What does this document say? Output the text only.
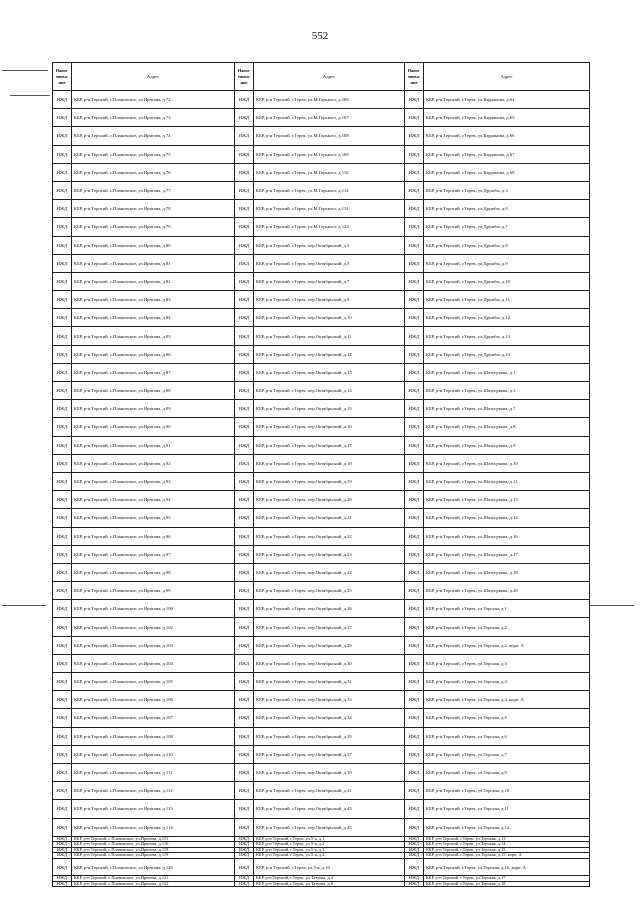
552
Наименование	Адрес	Наименование	Адрес	Наименование	Адрес
ИЖД	КБР, р-н Терский, с.Плановское, ул.Иригова, д.72	ИЖД	КБР, р-н Терский, г.Терек, ул.М.Горького, д.106	ИЖД	КБР, р-н Терский, г.Терек, ул.Карданова, д.64
ИЖД	КБР, р-н Терский, с.Плановское, ул.Иригова, д.73	ИЖД	КБР, р-н Терский, г.Терек, ул.М.Горького, д.107	ИЖД	КБР, р-н Терский, г.Терек, ул.Карданова, д.65
ИЖД	КБР, р-н Терский, с.Плановское, ул.Иригова, д.74	ИЖД	КБР, р-н Терский, г.Терек, ул.М.Горького, д.108	ИЖД	КБР, р-н Терский, г.Терек, ул.Карданова, д.66
ИЖД	КБР, р-н Терский, с.Плановское, ул.Иригова, д.75	ИЖД	КБР, р-н Терский, г.Терек, ул.М.Горького, д.109	ИЖД	КБР, р-н Терский, г.Терек, ул.Карданова, д.67
ИЖД	КБР, р-н Терский, с.Плановское, ул.Иригова, д.76	ИЖД	КБР, р-н Терский, г.Терек, ул.М.Горького, д.110	ИЖД	КБР, р-н Терский, г.Терек, ул.Карданова, д.69
ИЖД	КБР, р-н Терский, с.Плановское, ул.Иригова, д.77	ИЖД	КБР, р-н Терский, г.Терек, ул.М.Горького, д.112	ИЖД	КБР, р-н Терский, г.Терек, ул.Дружбы, д.3
ИЖД	КБР, р-н Терский, с.Плановское, ул.Иригова, д.78	ИЖД	КБР, р-н Терский, г.Терек, ул.М.Горького, д.114	ИЖД	КБР, р-н Терский, г.Терек, ул.Дружбы, д.6
ИЖД	КБР, р-н Терский, с.Плановское, ул.Иригова, д.79	ИЖД	КБР, р-н Терский, г.Терек, ул.М.Горького, д.124	ИЖД	КБР, р-н Терский, г.Терек, ул.Дружбы, д.7
ИЖД	КБР, р-н Терский, с.Плановское, ул.Иригова, д.80	ИЖД	КБР, р-н Терский, г.Терек, пер.Октябрьский, д.3	ИЖД	КБР, р-н Терский, г.Терек, ул.Дружбы, д.8
ИЖД	КБР, р-н Терский, с.Плановское, ул.Иригова, д.81	ИЖД	КБР, р-н Терский, г.Терек, пер.Октябрьский, д.5	ИЖД	КБР, р-н Терский, г.Терек, ул.Дружбы, д.9
ИЖД	КБР, р-н Терский, с.Плановское, ул.Иригова, д.82	ИЖД	КБР, р-н Терский, г.Терек, пер.Октябрьский, д.7	ИЖД	КБР, р-н Терский, г.Терек, ул.Дружбы, д.10
ИЖД	КБР, р-н Терский, с.Плановское, ул.Иригова, д.83	ИЖД	КБР, р-н Терский, г.Терек, пер.Октябрьский, д.9	ИЖД	КБР, р-н Терский, г.Терек, ул.Дружбы, д.11
ИЖД	КБР, р-н Терский, с.Плановское, ул.Иригова, д.84	ИЖД	КБР, р-н Терский, г.Терек, пер.Октябрьский, д.10	ИЖД	КБР, р-н Терский, г.Терек, ул.Дружбы, д.12
ИЖД	КБР, р-н Терский, с.Плановское, ул.Иригова, д.85	ИЖД	КБР, р-н Терский, г.Терек, пер.Октябрьский, д.11	ИЖД	КБР, р-н Терский, г.Терек, ул.Дружбы, д.13
ИЖД	КБР, р-н Терский, с.Плановское, ул.Иригова, д.86	ИЖД	КБР, р-н Терский, г.Терек, пер.Октябрьский, д.12	ИЖД	КБР, р-н Терский, г.Терек, ул.Дружбы, д.14
ИЖД	КБР, р-н Терский, с.Плановское, ул.Иригова, д.87	ИЖД	КБР, р-н Терский, г.Терек, пер.Октябрьский, д.13	ИЖД	КБР, р-н Терский, г.Терек, ул.Шазуцукова, д.1
ИЖД	КБР, р-н Терский, с.Плановское, ул.Иригова, д.88	ИЖД	КБР, р-н Терский, г.Терек, пер.Октябрьский, д.14	ИЖД	КБР, р-н Терский, г.Терек, ул.Шазуцукова, д.3
ИЖД	КБР, р-н Терский, с.Плановское, ул.Иригова, д.89	ИЖД	КБР, р-н Терский, г.Терек, пер.Октябрьский, д.15	ИЖД	КБР, р-н Терский, г.Терек, ул.Шазуцукова, д.7
ИЖД	КБР, р-н Терский, с.Плановское, ул.Иригова, д.90	ИЖД	КБР, р-н Терский, г.Терек, пер.Октябрьский, д.16	ИЖД	КБР, р-н Терский, г.Терек, ул.Шазуцукова, д.8
ИЖД	КБР, р-н Терский, с.Плановское, ул.Иригова, д.91	ИЖД	КБР, р-н Терский, г.Терек, пер.Октябрьский, д.17	ИЖД	КБР, р-н Терский, г.Терек, ул.Шазуцукова, д.9
ИЖД	КБР, р-н Терский, с.Плановское, ул.Иригова, д.92	ИЖД	КБР, р-н Терский, г.Терек, пер.Октябрьский, д.18	ИЖД	КБР, р-н Терский, г.Терек, ул.Шазуцукова, д.10
ИЖД	КБР, р-н Терский, с.Плановское, ул.Иригова, д.93	ИЖД	КБР, р-н Терский, г.Терек, пер.Октябрьский, д.19	ИЖД	КБР, р-н Терский, г.Терек, ул.Шазуцукова, д.11
ИЖД	КБР, р-н Терский, с.Плановское, ул.Иригова, д.94	ИЖД	КБР, р-н Терский, г.Терек, пер.Октябрьский, д.20	ИЖД	КБР, р-н Терский, г.Терек, ул.Шазуцукова, д.13
ИЖД	КБР, р-н Терский, с.Плановское, ул.Иригова, д.95	ИЖД	КБР, р-н Терский, г.Терек, пер.Октябрьский, д.21	ИЖД	КБР, р-н Терский, г.Терек, ул.Шазуцукова, д.14
ИЖД	КБР, р-н Терский, с.Плановское, ул.Иригова, д.96	ИЖД	КБР, р-н Терский, г.Терек, пер.Октябрьский, д.22	ИЖД	КБР, р-н Терский, г.Терек, ул.Шазуцукова, д.16
ИЖД	КБР, р-н Терский, с.Плановское, ул.Иригова, д.97	ИЖД	КБР, р-н Терский, г.Терек, пер.Октябрьский, д.23	ИЖД	КБР, р-н Терский, г.Терек, ул.Шазуцукова, д.17
ИЖД	КБР, р-н Терский, с.Плановское, ул.Иригова, д.98	ИЖД	КБР, р-н Терский, г.Терек, пер.Октябрьский, д.24	ИЖД	КБР, р-н Терский, г.Терек, ул.Шазуцукова, д.18
ИЖД	КБР, р-н Терский, с.Плановское, ул.Иригова, д.99	ИЖД	КБР, р-н Терский, г.Терек, пер.Октябрьский, д.25	ИЖД	КБР, р-н Терский, г.Терек, ул.Шазуцукова, д.20
ИЖД	КБР, р-н Терский, с.Плановское, ул.Иригова, д.100	ИЖД	КБР, р-н Терский, г.Терек, пер.Октябрьский, д.26	ИЖД	КБР, р-н Терский, г.Терек, ул.Терская, д.1
ИЖД	КБР, р-н Терский, с.Плановское, ул.Иригова, д.102	ИЖД	КБР, р-н Терский, г.Терек, пер.Октябрьский, д.27	ИЖД	КБР, р-н Терский, г.Терек, ул.Терская, д.2
ИЖД	КБР, р-н Терский, с.Плановское, ул.Иригова, д.103	ИЖД	КБР, р-н Терский, г.Терек, пер.Октябрьский, д.29	ИЖД	КБР, р-н Терский, г.Терек, ул.Терская, д.2, корп. А
ИЖД	КБР, р-н Терский, с.Плановское, ул.Иригова, д.104	ИЖД	КБР, р-н Терский, г.Терек, пер.Октябрьский, д.30	ИЖД	КБР, р-н Терский, г.Терек, ул.Терская, д.3
ИЖД	КБР, р-н Терский, с.Плановское, ул.Иригова, д.105	ИЖД	КБР, р-н Терский, г.Терек, пер.Октябрьский, д.31	ИЖД	КБР, р-н Терский, г.Терек, ул.Терская, д.4
ИЖД	КБР, р-н Терский, с.Плановское, ул.Иригова, д.106	ИЖД	КБР, р-н Терский, г.Терек, пер.Октябрьский, д.33	ИЖД	КБР, р-н Терский, г.Терек, ул.Терская, д.4, корп. А
ИЖД	КБР, р-н Терский, с.Плановское, ул.Иригова, д.107	ИЖД	КБР, р-н Терский, г.Терек, пер.Октябрьский, д.34	ИЖД	КБР, р-н Терский, г.Терек, ул.Терская, д.5
ИЖД	КБР, р-н Терский, с.Плановское, ул.Иригова, д.108	ИЖД	КБР, р-н Терский, г.Терек, пер.Октябрьский, д.35	ИЖД	КБР, р-н Терский, г.Терек, ул.Терская, д.6
ИЖД	КБР, р-н Терский, с.Плановское, ул.Иригова, д.110	ИЖД	КБР, р-н Терский, г.Терек, пер.Октябрьский, д.37	ИЖД	КБР, р-н Терский, г.Терек, ул.Терская, д.7
ИЖД	КБР, р-н Терский, с.Плановское, ул.Иригова, д.111	ИЖД	КБР, р-н Терский, г.Терек, пер.Октябрьский, д.39	ИЖД	КБР, р-н Терский, г.Терек, ул.Терская, д.9
ИЖД	КБР, р-н Терский, с.Плановское, ул.Иригова, д.112	ИЖД	КБР, р-н Терский, г.Терек, пер.Октябрьский, д.41	ИЖД	КБР, р-н Терский, г.Терек, ул.Терская, д.10
ИЖД	КБР, р-н Терский, с.Плановское, ул.Иригова, д.113	ИЖД	КБР, р-н Терский, г.Терек, пер.Октябрьский, д.43	ИЖД	КБР, р-н Терский, г.Терек, ул.Терская, д.11
ИЖД	КБР, р-н Терский, с.Плановское, ул.Иригова, д.114	ИЖД	КБР, р-н Терский, г.Терек, пер.Октябрьский, д.45	ИЖД	КБР, р-н Терский, г.Терек, ул.Терская, д.12
ИЖД	КБР, р-н Терский, с.Плановское, ул.Иригова, д.115	ИЖД	КБР, р-н Терский, г.Терек, ул.5-я, д.1	ИЖД	КБР, р-н Терский, г.Терек, ул.Терская, д.13
ИЖД	КБР, р-н Терский, с.Плановское, ул.Иригова, д.116	ИЖД	КБР, р-н Терский, г.Терек, ул.5-я, д.2	ИЖД	КБР, р-н Терский, г.Терек, ул.Терская, д.14
ИЖД	КБР, р-н Терский, с.Плановское, ул.Иригова, д.118	ИЖД	КБР, р-н Терский, г.Терек, ул.5-я, д.3	ИЖД	КБР, р-н Терский, г.Терек, ул.Терская, д.15
ИЖД	КБР, р-н Терский, с.Плановское, ул.Иригова, д.119	ИЖД	КБР, р-н Терский, г.Терек, ул.5-я, д.4	ИЖД	КБР, р-н Терский, г.Терек, ул.Терская, д.15, корп. А
ИЖД	КБР, р-н Терский, с.Плановское, ул.Иригова, д.120	ИЖД	КБР, р-н Терский, г.Терек, ул.5-я, д.10	ИЖД	КБР, р-н Терский, г.Терек, ул.Терская, д.16, корп. А
ИЖД	КБР, р-н Терский, с.Плановское, ул.Иригова, д.121	ИЖД	КБР, р-н Терский, г.Терек, ул.Татуева, д.4	ИЖД	КБР, р-н Терский, г.Терек, ул.Терская, д.17
ИЖД	КБР, р-н Терский, с.Плановское, ул.Иригова, д.122	ИЖД	КБР, р-н Терский, г.Терек, ул.Татуева, д.6	ИЖД	КБР, р-н Терский, г.Терек, ул.Терская, д.18
